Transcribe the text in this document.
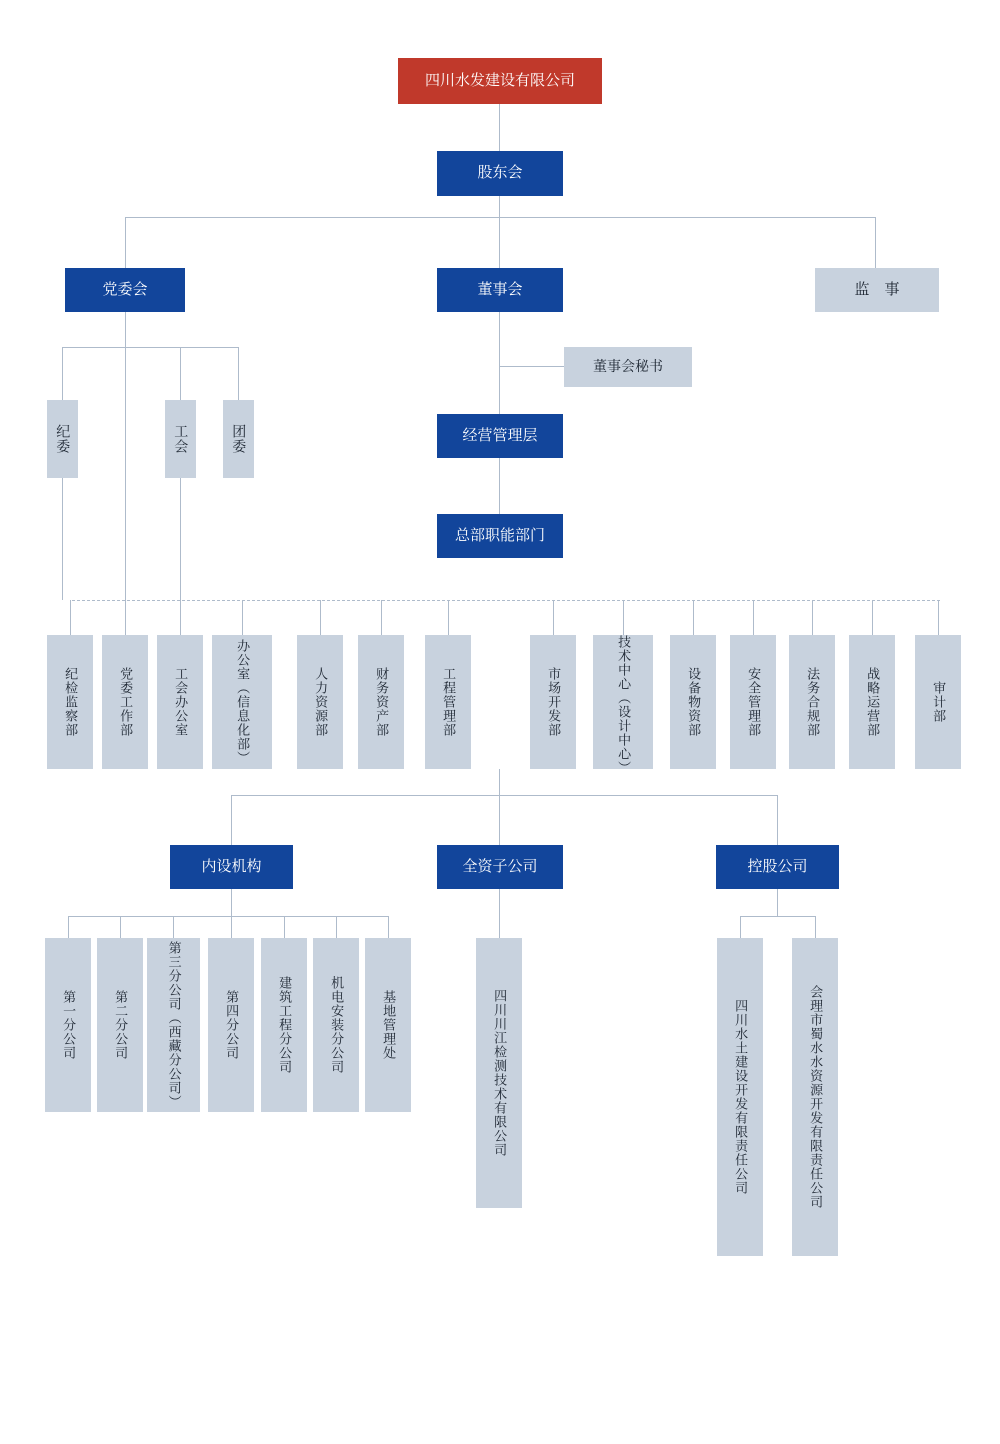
四川水发建设有限公司
股东会
党委会	董事会	监　事
董事会秘书
经营管理层
总部职能部门
纪委	工会	团委
纪检监察部	党委工作部	工会办公室	办公室（信息化部）	人力资源部	财务资产部	工程管理部	市场开发部	技术中心（设计中心）	设备物资部	安全管理部	法务合规部	战略运营部	审计部
内设机构	全资子公司	控股公司
第一分公司	第二分公司	第三分公司（西藏分公司）	第四分公司	建筑工程分公司	机电安装分公司	基地管理处	四川川江检测技术有限公司	四川水土建设开发有限责任公司	会理市蜀水水资源开发有限责任公司
